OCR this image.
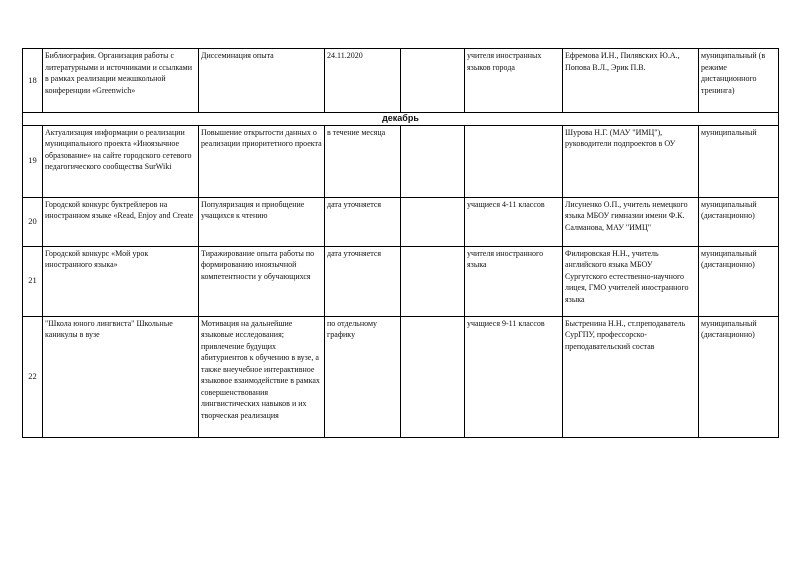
18	Библиография. Организация работы с литературными и источниками и ссылками в рамках реализации межшкольной конференции «Greenwich»	Диссеминация опыта	24.11.2020		учителя иностранных языков города	Ефремова И.Н., Пилявских Ю.А., Попова В.Л., Эрик П.В.	муниципальный (в режиме дистанционного тренинга)
декабрь							
19	Актуализация информации о реализации муниципального проекта «Иноязычное образование» на сайте городского сетевого педагогического сообщества SurWiki	Повышение открытости данных о реализации приоритетного проекта	в течение месяца			Шурова Н.Г. (МАУ "ИМЦ"), руководители подпроектов в ОУ	муниципальный
20	Городской конкурс буктрейлеров на иностранном языке «Read, Enjoy and Create	Популяризация и приобщение учащихся к чтению	дата уточняется		учащиеся 4-11 классов	Лисуненко О.П., учитель немецкого языка МБОУ гимназии имени Ф.К. Салманова, МАУ "ИМЦ"	муниципальный (дистанционно)
21	Городской конкурс «Мой урок иностранного языка»	Тиражирование опыта работы по формированию иноязычной компетентности у обучающихся	дата уточняется		учителя иностранного языка	Филировская Н.Н., учитель английского языка МБОУ Сургутского естественно-научного лицея, ГМО учителей иностранного языка	муниципальный (дистанционно)
22	"Школа юного лингвиста" Школьные каникулы в вузе	Мотивация на дальнейшие языковые исследования; привлечение будущих абитуриентов к обучению в вузе, а также внеучебное интерактивное языковое взаимодействие в рамках совершенствования лингвистических навыков и их творческая реализация	по отдельному графику		учащиеся 9-11 классов	Быстренина Н.Н., ст.преподаватель СурГПУ, профессорско-преподавательский состав	муниципальный (дистанционно)
